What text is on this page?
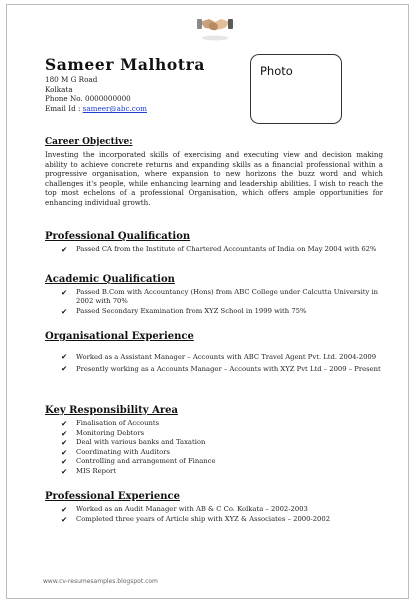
Sameer Malhotra
180 M G Road
Kolkata
Phone No. 0000000000
Email Id : sameer@abc.com
Photo
Career Objective:
Investing the incorporated skills of exercising and executing view and decision making ability to achieve concrete returns and expanding skills as a financial professional within a progressive organisation, where expansion to new horizons the buzz word and which challenges it's people, while enhancing learning and leadership abilities. I wish to reach the top most echelons of a professional Organisation, which offers ample opportunities for enhancing individual growth.
Professional Qualification
✔ Passed CA from the Institute of Chartered Accountants of India on May 2004 with 62%
Academic Qualification
✔ Passed B.Com with Accountancy (Hons) from ABC College under Calcutta University in 2002 with 70%
✔ Passed Secondary Examination from XYZ School in 1999 with 75%
Organisational Experience
✔ Worked as a Assistant Manager – Accounts with ABC Travel Agent Pvt. Ltd. 2004-2009
✔ Presently working as a Accounts Manager – Accounts with XYZ Pvt Ltd – 2009 – Present
Key Responsibility Area
✔ Finalisation of Accounts
✔ Monitoring Debtors
✔ Deal with various banks and Taxation
✔ Coordinating with Auditors
✔ Controlling and arrangement of Finance
✔ MIS Report
Professional Experience
✔ Worked as an Audit Manager with AB & C Co. Kolkata – 2002-2003
✔ Completed three years of Article ship with XYZ & Associates – 2000-2002
www.cv-resumesamples.blogspot.com
